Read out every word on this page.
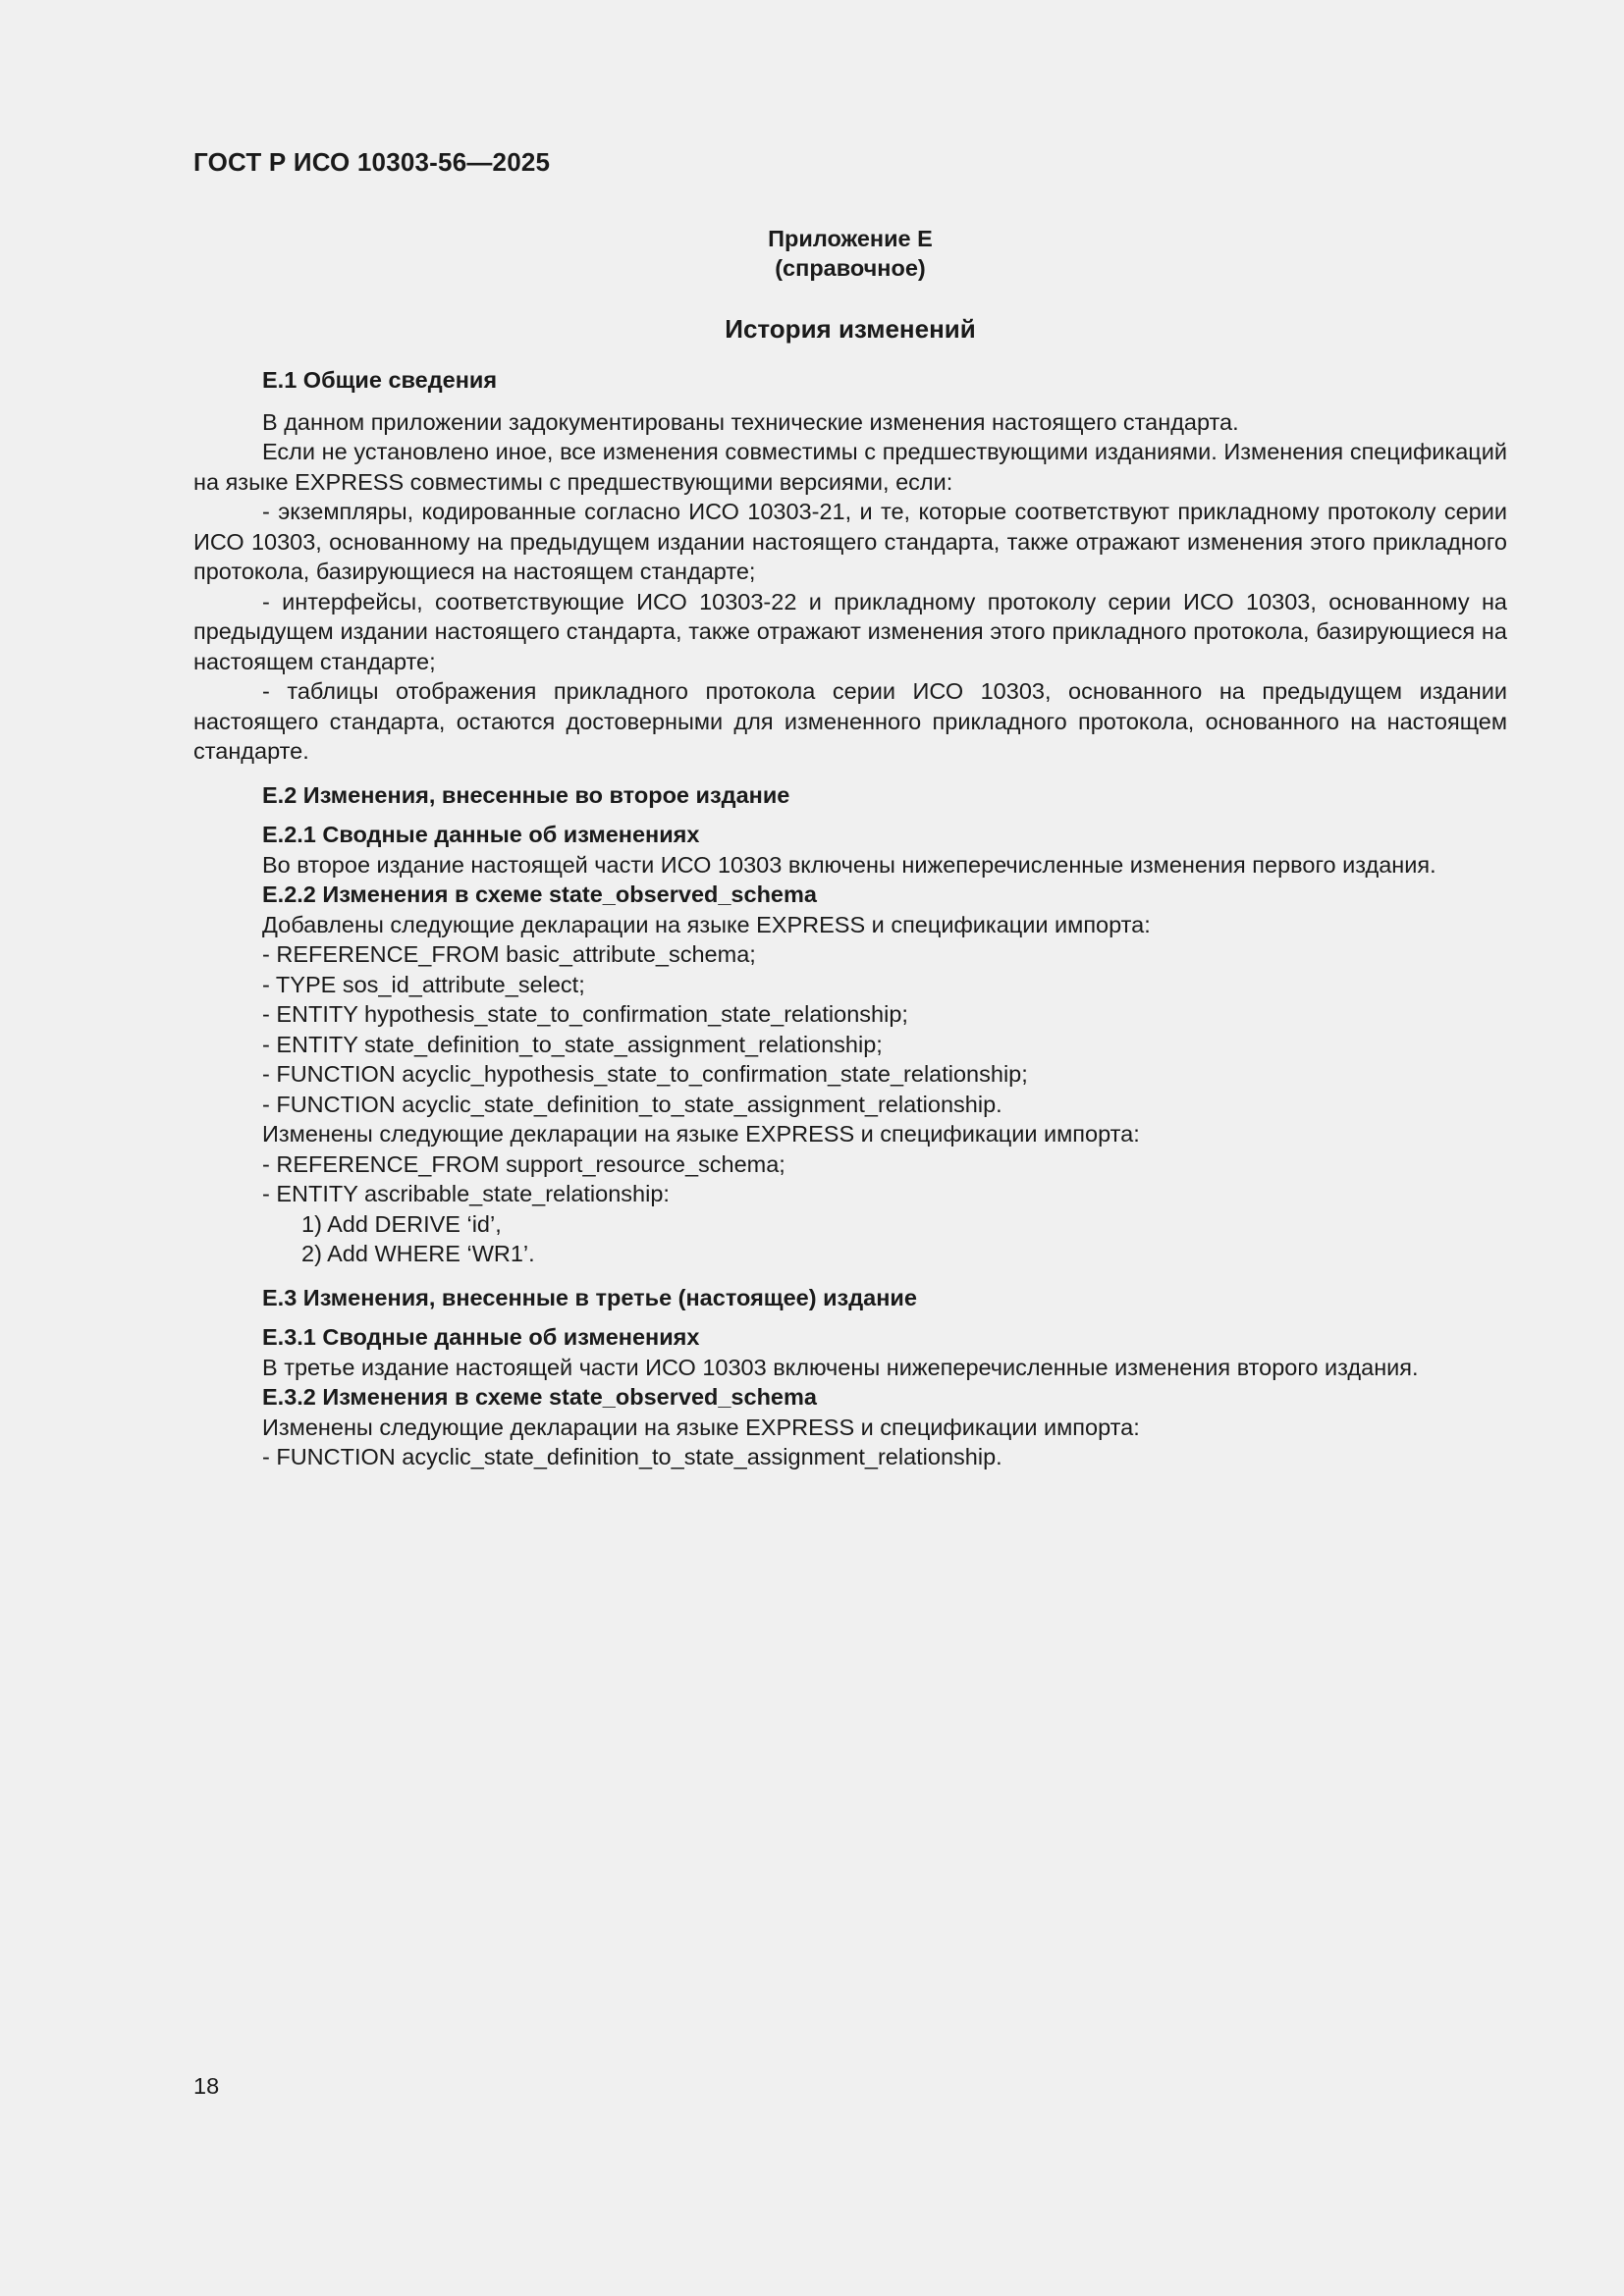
ГОСТ Р ИСО 10303-56—2025
Приложение E
(справочное)
История изменений
E.1 Общие сведения

В данном приложении задокументированы технические изменения настоящего стандарта.

Если не установлено иное, все изменения совместимы с предшествующими изданиями. Изменения спецификаций на языке EXPRESS совместимы с предшествующими версиями, если:

- экземпляры, кодированные согласно ИСО 10303-21, и те, которые соответствуют прикладному протоколу серии ИСО 10303, основанному на предыдущем издании настоящего стандарта, также отражают изменения этого прикладного протокола, базирующиеся на настоящем стандарте;

- интерфейсы, соответствующие ИСО 10303-22 и прикладному протоколу серии ИСО 10303, основанному на предыдущем издании настоящего стандарта, также отражают изменения этого прикладного протокола, базирующиеся на настоящем стандарте;

- таблицы отображения прикладного протокола серии ИСО 10303, основанного на предыдущем издании настоящего стандарта, остаются достоверными для измененного прикладного протокола, основанного на настоящем стандарте.

E.2 Изменения, внесенные во второе издание
E.2.1 Сводные данные об изменениях

Во второе издание настоящей части ИСО 10303 включены нижеперечисленные изменения первого издания.

E.2.2 Изменения в схеме state_observed_schema

Добавлены следующие декларации на языке EXPRESS и спецификации импорта:

- REFERENCE_FROM basic_attribute_schema;

- TYPE sos_id_attribute_select;

- ENTITY hypothesis_state_to_confirmation_state_relationship;

- ENTITY state_definition_to_state_assignment_relationship;

- FUNCTION acyclic_hypothesis_state_to_confirmation_state_relationship;

- FUNCTION acyclic_state_definition_to_state_assignment_relationship.

Изменены следующие декларации на языке EXPRESS и спецификации импорта:

- REFERENCE_FROM support_resource_schema;

- ENTITY ascribable_state_relationship:

1) Add DERIVE ‘id’,

2) Add WHERE ‘WR1’.

E.3 Изменения, внесенные в третье (настоящее) издание
E.3.1 Сводные данные об изменениях

В третье издание настоящей части ИСО 10303 включены нижеперечисленные изменения второго издания.

E.3.2 Изменения в схеме state_observed_schema

Изменены следующие декларации на языке EXPRESS и спецификации импорта:

- FUNCTION acyclic_state_definition_to_state_assignment_relationship.

18
